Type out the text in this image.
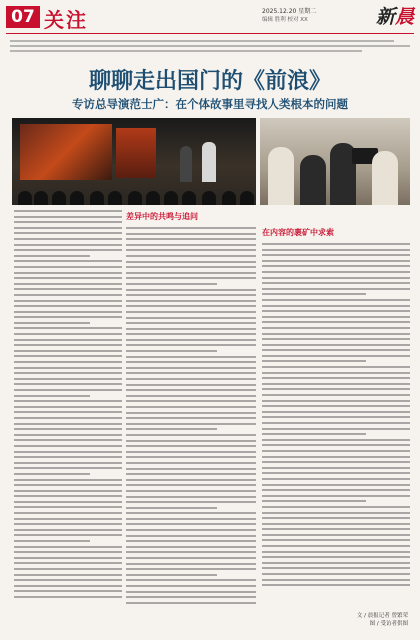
07 关注	2025.12.20 星期二
编辑 胜利 校对 XX	新晨
聊聊走出国门的《前浪》
专访总导演范士广：在个体故事里寻找人类根本的问题
差异中的共鸣与追问
在内容的裹矿中求索
文 / 晨报记者 曾繁荣
图 / 受访者供图
